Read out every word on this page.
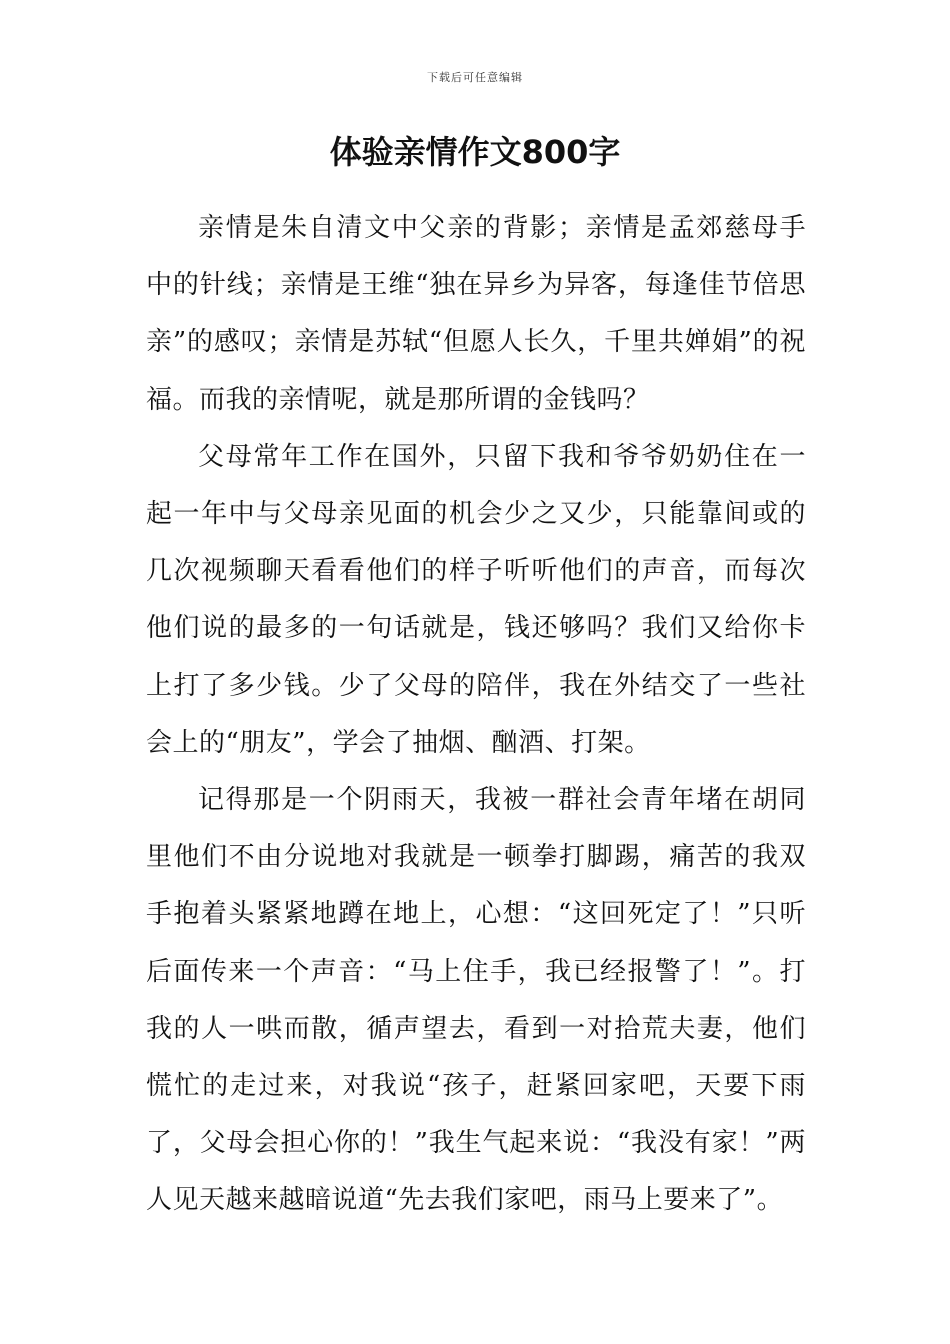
下载后可任意编辑
体验亲情作文800字

亲情是朱自清文中父亲的背影；亲情是孟郊慈母手中的针线；亲情是王维“独在异乡为异客，每逢佳节倍思亲”的感叹；亲情是苏轼“但愿人长久，千里共婵娟”的祝福。而我的亲情呢，就是那所谓的金钱吗？

父母常年工作在国外，只留下我和爷爷奶奶住在一起一年中与父母亲见面的机会少之又少，只能靠间或的几次视频聊天看看他们的样子听听他们的声音，而每次他们说的最多的一句话就是，钱还够吗？我们又给你卡上打了多少钱。少了父母的陪伴，我在外结交了一些社会上的“朋友”，学会了抽烟、酗酒、打架。

记得那是一个阴雨天，我被一群社会青年堵在胡同里他们不由分说地对我就是一顿拳打脚踢，痛苦的我双手抱着头紧紧地蹲在地上，心想：“这回死定了！”只听后面传来一个声音：“马上住手，我已经报警了！”。打我的人一哄而散，循声望去，看到一对拾荒夫妻，他们慌忙的走过来，对我说“孩子，赶紧回家吧，天要下雨了，父母会担心你的！”我生气起来说：“我没有家！”两人见天越来越暗说道“先去我们家吧，雨马上要来了”。
